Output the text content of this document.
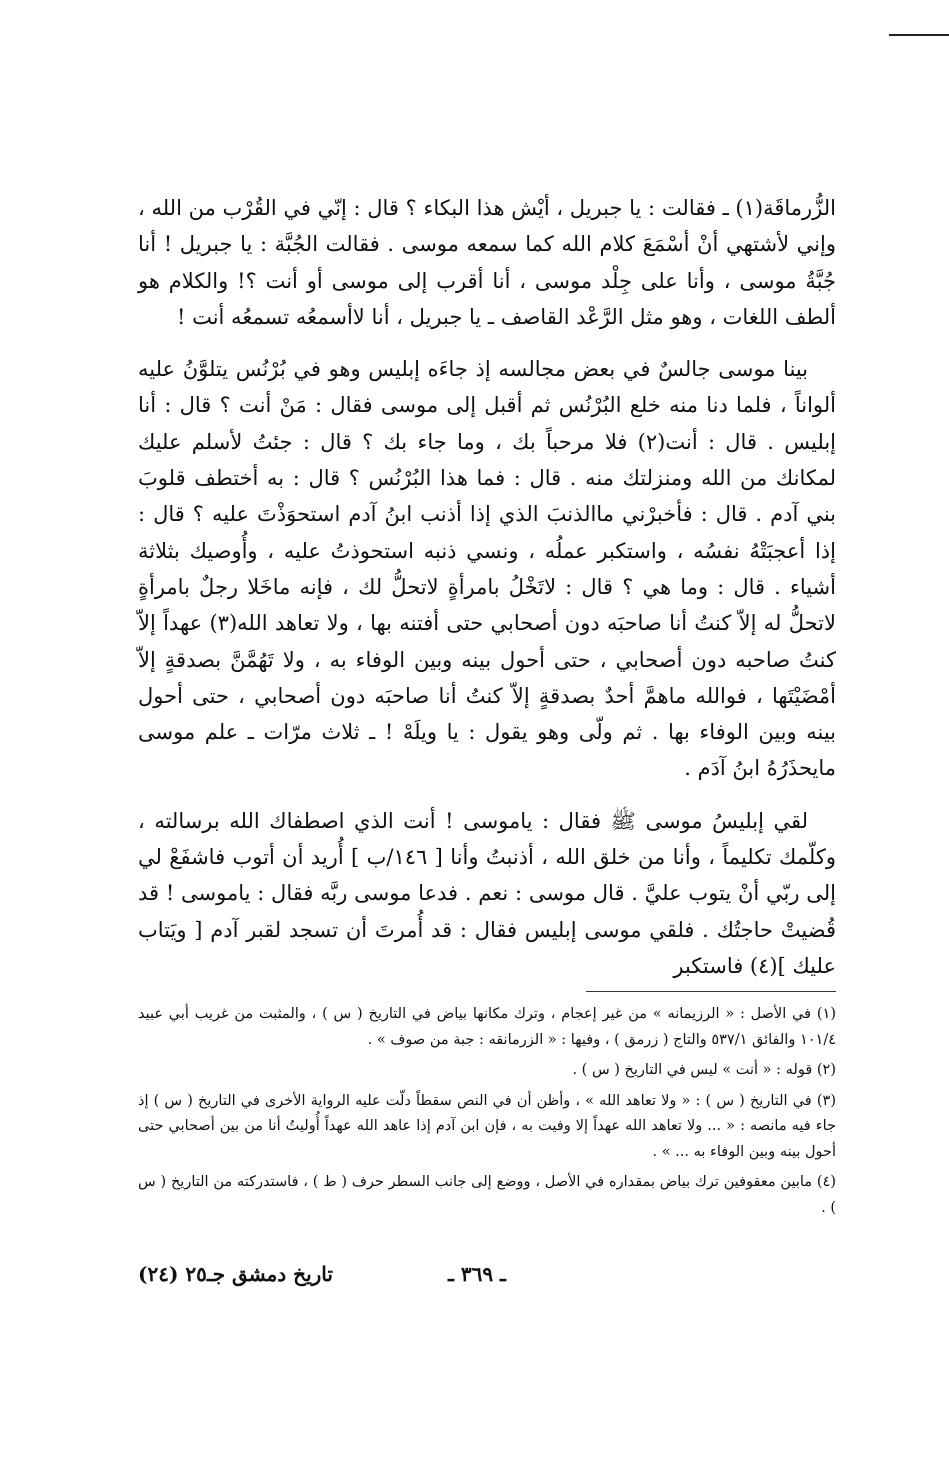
الزُّرماقَة(١) ـ فقالت : يا جبريل ، أيْش هذا البكاء ؟ قال : إنّي في القُرْب من الله ، وإني لأشتهي أنْ أسْمَعَ كلام الله كما سمعه موسى . فقالت الجُبَّة : يا جبريل ! أنا جُبَّةُ موسى ، وأنا على جِلْد موسى ، أنا أقرب إلى موسى أو أنت ؟! والكلام هو ألطف اللغات ، وهو مثل الرَّعْد القاصف ـ يا جبريل ، أنا لاأسمعُه تسمعُه أنت !

بينا موسى جالسٌ في بعض مجالسه إذ جاءَه إبليس وهو في بُرْنُس يتلوَّنُ عليه ألواناً ، فلما دنا منه خلع البُرْنُس ثم أقبل إلى موسى فقال : مَنْ أنت ؟ قال : أنا إبليس . قال : أنت(٢) فلا مرحباً بك ، وما جاء بك ؟ قال : جئتُ لأسلم عليك لمكانك من الله ومنزلتك منه . قال : فما هذا البُرْنُس ؟ قال : به أختطف قلوبَ بني آدم . قال : فأخبرْني ماالذنبَ الذي إذا أذنب ابنُ آدم استحوَذْتَ عليه ؟ قال : إذا أعجبَتْهُ نفسُه ، واستكبر عملُه ، ونسي ذنبه استحوذتُ عليه ، وأُوصيك بثلاثة أشياء . قال : وما هي ؟ قال : لاتَخْلُ بامرأةٍ لاتحلُّ لك ، فإنه ماخَلا رجلٌ بامرأةٍ لاتحلُّ له إلاّ كنتُ أنا صاحبَه دون أصحابي حتى أفتنه بها ، ولا تعاهد الله(٣) عهداً إلاّ كنتُ صاحبه دون أصحابي ، حتى أحول بينه وبين الوفاء به ، ولا تَهُمَّنَّ بصدقةٍ إلاّ أمْضَيْتَها ، فوالله ماهمَّ أحدٌ بصدقةٍ إلاّ كنتُ أنا صاحبَه دون أصحابي ، حتى أحول بينه وبين الوفاء بها . ثم ولّى وهو يقول : يا ويلَهْ ! ـ ثلاث مرّات ـ علم موسى مايحذَرُهُ ابنُ آدَم .

لقي إبليسُ موسى ﷺ فقال : ياموسى ! أنت الذي اصطفاك الله برسالته ، وكلّمك تكليماً ، وأنا من خلق الله ، أذنبتُ وأنا [ ١٤٦/ب ] أُريد أن أتوب فاشفَعْ لي إلى ربّي أنْ يتوب عليَّ . قال موسى : نعم . فدعا موسى ربَّه فقال : ياموسى ! قد قُضيتْ حاجتُك . فلقي موسى إبليس فقال : قد أُمرتَ أن تسجد لقبر آدم [ ويَتاب عليك ](٤) فاستكبر

(١) في الأصل : « الرزيمانه » من غير إعجام ، وترك مكانها بياض في التاريخ ( س ) ، والمثبت من غريب أبي عبيد ١٠١/٤ والفائق ٥٣٧/١ والتاج ( زرمق ) ، وفيها : « الزرمانقه : جبة من صوف » .

(٢) قوله : « أنت » ليس في التاريخ ( س ) .

(٣) في التاريخ ( س ) : « ولا تعاهد الله » ، وأظن أن في النص سقطاً دلّت عليه الرواية الأخرى في التاريخ ( س ) إذ جاء فيه مانصه : « ... ولا تعاهد الله عهداً إلا وفيت به ، فإن ابن آدم إذا عاهد الله عهداً أُوليتُ أنا من بين أصحابي حتى أحول بينه وبين الوفاء به ... » .

(٤) مابين معقوفين ترك بياض بمقداره في الأصل ، ووضع إلى جانب السطر حرف ( ط ) ، فاستدركته من التاريخ ( س ) .

ـ ٣٦٩ ـ
تاريخ دمشق جـ٢٥ (٢٤)
